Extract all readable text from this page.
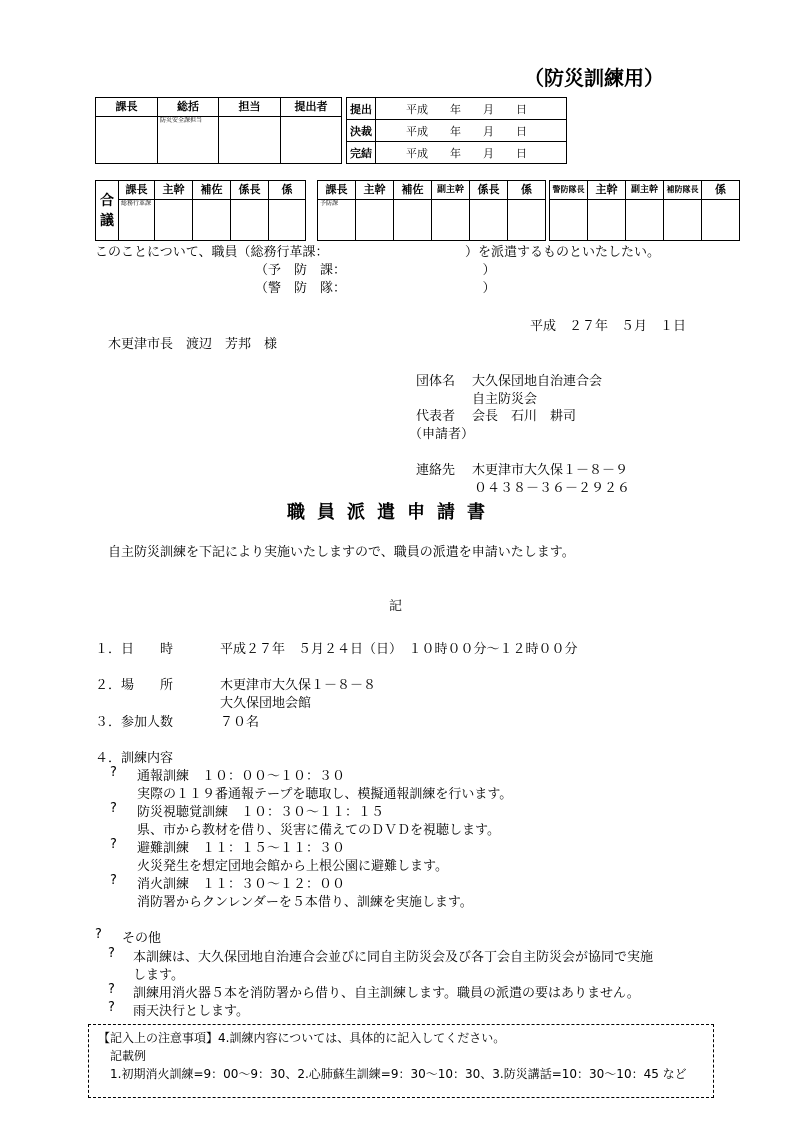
（防災訓練用）
課長	総括	担当	提出者

	防災安全課担当		

提出	平成　　年　　月　　日
決裁	平成　　年　　月　　日
完結	平成　　年　　月　　日
合議	課長	主幹	補佐	係長	係

	総務行革課				

課長	主幹	補佐	副主幹	係長	係

予防課					

警防隊長	主幹	副主幹	補防隊長	係

このことについて、職員（総務行革課：　　　　　　　　　　　）を派遣するものといたしたい。
（予　防　課：　　　　　　　　　　　）
（警　防　隊：　　　　　　　　　　　）
平成　２７年　５月　１日
木更津市長　渡辺　芳邦　様
団体名 大久保団地自治連合会
自主防災会
代表者 会長　石川　耕司
（申請者）
連絡先 木更津市大久保１－８－９
０４３８－３６－２９２６
職員派遣申請書
自主防災訓練を下記により実施いたしますので、職員の派遣を申請いたします。
記
１．日　　時	平成２７年　５月２４日（日）　１０時００分～１２時００分
２．場　　所	木更津市大久保１－８－８
大久保団地会館
３．参加人数	７０名
４．訓練内容
? 通報訓練　１０：００～１０：３０
実際の１１９番通報テープを聴取し、模擬通報訓練を行います。
? 防災視聴覚訓練　１０：３０～１１：１５
県、市から教材を借り、災害に備えてのＤＶＤを視聴します。
? 避難訓練　１１：１５～１１：３０
火災発生を想定団地会館から上根公園に避難します。
? 消火訓練　１１：３０～１２：００
消防署からクンレンダーを５本借り、訓練を実施します。
? その他
? 本訓練は、大久保団地自治連合会並びに同自主防災会及び各丁会自主防災会が協同で実施
します。
? 訓練用消火器５本を消防署から借り、自主訓練します。職員の派遣の要はありません。
? 雨天決行とします。
【記入上の注意事項】4.訓練内容については、具体的に記入してください。
記載例
1.初期消火訓練=9：00～9：30、2.心肺蘇生訓練=9：30～10：30、3.防災講話=10：30～10：45 など
